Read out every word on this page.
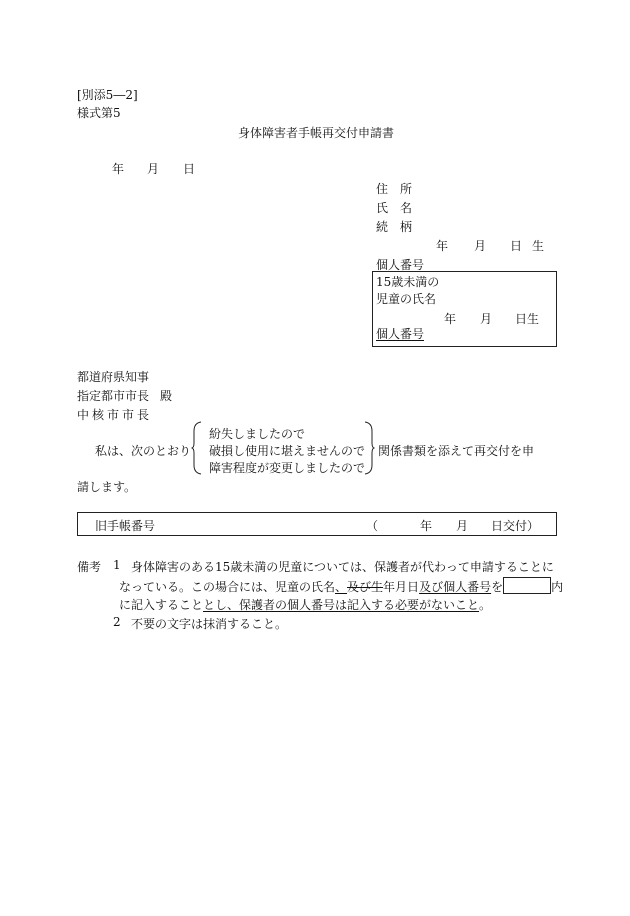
[別添5―2]
様式第5
身体障害者手帳再交付申請書
年 月 日
住　所
氏　名
続　柄
年 月 日 生
個人番号
15歳未満の
児童の氏名
年 月 日生
個人番号
都道府県知事
指定都市市長 殿
中核市市長
私は、次のとおり
紛失しましたので
破損し使用に堪えませんので
障害程度が変更しましたので
関係書類を添えて再交付を申
請します。
旧手帳番号	（	年 月 日交付）
備考 1 身体障害のある15歳未満の児童については、保護者が代わって申請することに
なっている。この場合には、児童の氏名、及び生年月日及び個人番号を	内
に記入することとし、保護者の個人番号は記入する必要がないこと。
2 不要の文字は抹消すること。
